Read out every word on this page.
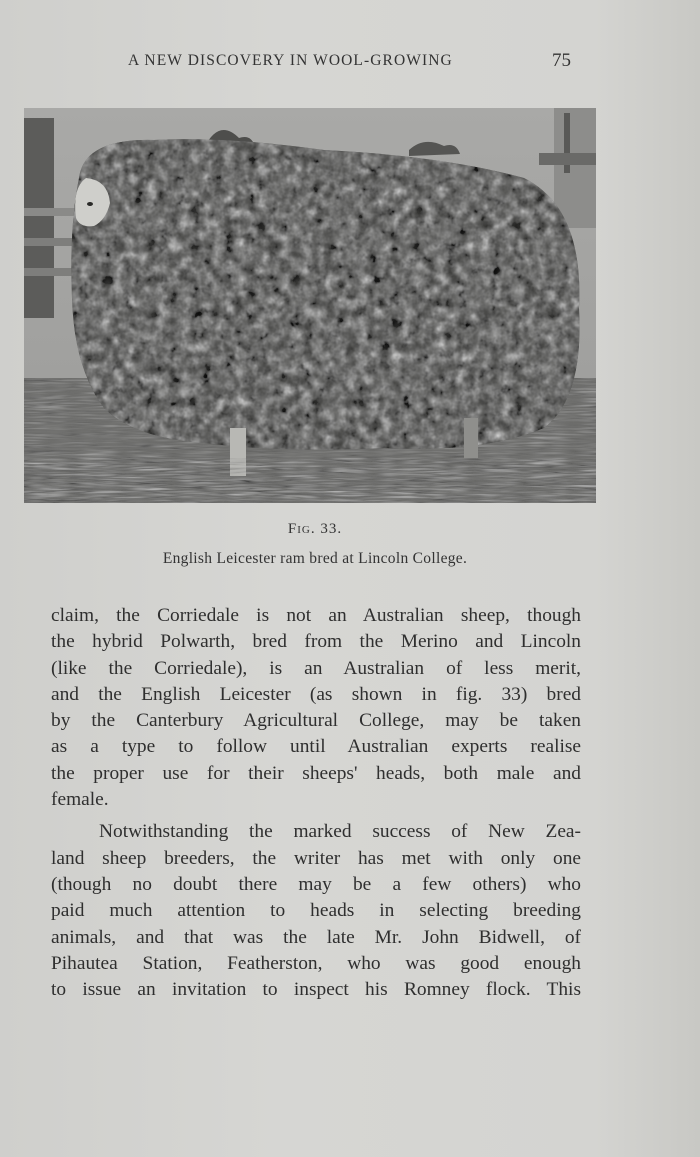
A NEW DISCOVERY IN WOOL-GROWING	75
Fig. 33.
English Leicester ram bred at Lincoln College.
claim, the Corriedale is not an Australian sheep, though
the hybrid Polwarth, bred from the Merino and Lincoln
(like the Corriedale), is an Australian of less merit,
and the English Leicester (as shown in fig. 33) bred
by the Canterbury Agricultural College, may be taken
as a type to follow until Australian experts realise
the proper use for their sheeps' heads, both male and
female.
Notwithstanding the marked success of New Zea-
land sheep breeders, the writer has met with only one
(though no doubt there may be a few others) who
paid much attention to heads in selecting breeding
animals, and that was the late Mr. John Bidwell, of
Pihautea Station, Featherston, who was good enough
to issue an invitation to inspect his Romney flock. This
